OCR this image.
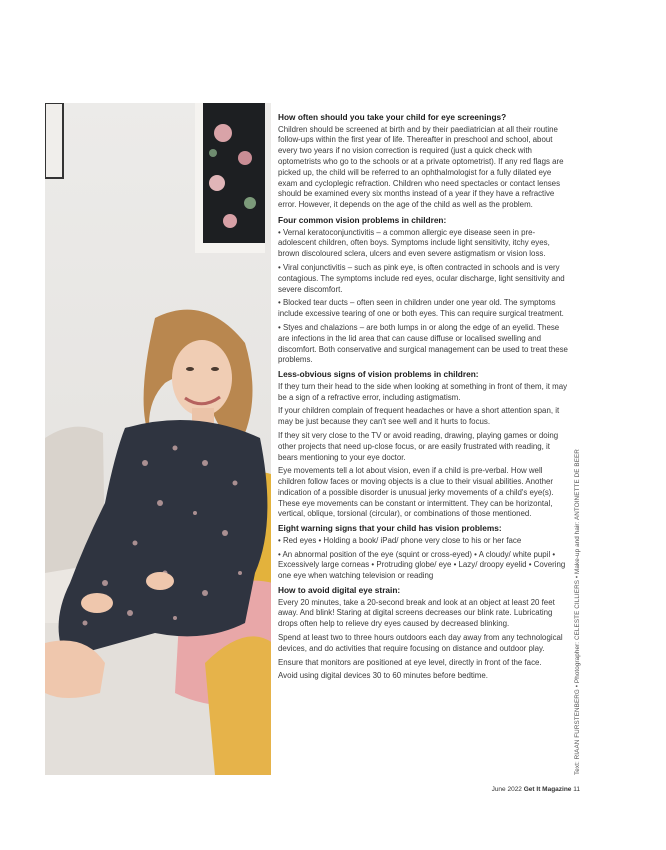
How often should you take your child for eye screenings?

Children should be screened at birth and by their paediatrician at all their routine follow-ups within the first year of life. Thereafter in preschool and school, about every two years if no vision correction is required (just a quick check with optometrists who go to the schools or at a private optometrist). If any red flags are picked up, the child will be referred to an ophthalmologist for a fully dilated eye exam and cycloplegic refraction. Children who need spectacles or contact lenses should be examined every six months instead of a year if they have a refractive error. However, it depends on the age of the child as well as the problem.

Four common vision problems in children:

• Vernal keratoconjunctivitis – a common allergic eye disease seen in pre-adolescent children, often boys. Symptoms include light sensitivity, itchy eyes, brown discoloured sclera, ulcers and even severe astigmatism or vision loss.

• Viral conjunctivitis – such as pink eye, is often contracted in schools and is very contagious. The symptoms include red eyes, ocular discharge, light sensitivity and severe discomfort.

• Blocked tear ducts – often seen in children under one year old. The symptoms include excessive tearing of one or both eyes. This can require surgical treatment.

• Styes and chalazions – are both lumps in or along the edge of an eyelid. These are infections in the lid area that can cause diffuse or localised swelling and discomfort. Both conservative and surgical management can be used to treat these problems.

Less-obvious signs of vision problems in children:

If they turn their head to the side when looking at something in front of them, it may be a sign of a refractive error, including astigmatism.

If your children complain of frequent headaches or have a short attention span, it may be just because they can't see well and it hurts to focus.

If they sit very close to the TV or avoid reading, drawing, playing games or doing other projects that need up-close focus, or are easily frustrated with reading, it bears mentioning to your eye doctor.

Eye movements tell a lot about vision, even if a child is pre-verbal. How well children follow faces or moving objects is a clue to their visual abilities. Another indication of a possible disorder is unusual jerky movements of a child's eye(s). These eye movements can be constant or intermittent. They can be horizontal, vertical, oblique, torsional (circular), or combinations of those mentioned.

Eight warning signs that your child has vision problems:

• Red eyes • Holding a book/ iPad/ phone very close to his or her face

• An abnormal position of the eye (squint or cross-eyed) • A cloudy/ white pupil • Excessively large corneas • Protruding globe/ eye • Lazy/ droopy eyelid • Covering one eye when watching television or reading

How to avoid digital eye strain:

Every 20 minutes, take a 20-second break and look at an object at least 20 feet away. And blink! Staring at digital screens decreases our blink rate. Lubricating drops often help to relieve dry eyes caused by decreased blinking.

Spend at least two to three hours outdoors each day away from any technological devices, and do activities that require focusing on distance and outdoor play.

Ensure that monitors are positioned at eye level, directly in front of the face.

Avoid using digital devices 30 to 60 minutes before bedtime.	Text: RIAAN FURSTENBERG • Photographer: CELESTE CILLIERS • Make-up and hair: ANTOINETTE DE BEER
June 2022 Get It Magazine 11
